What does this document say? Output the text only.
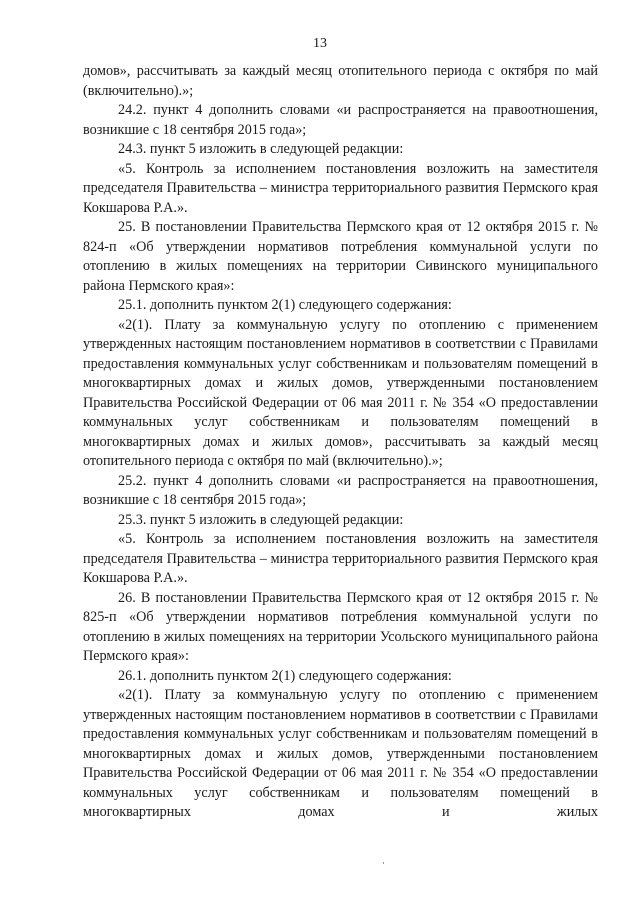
13

домов», рассчитывать за каждый месяц отопительного периода с октября по май (включительно).»;

24.2. пункт 4 дополнить словами «и распространяется на правоотношения, возникшие с 18 сентября 2015 года»;

24.3. пункт 5 изложить в следующей редакции:

«5. Контроль за исполнением постановления возложить на заместителя председателя Правительства – министра территориального развития Пермского края Кокшарова Р.А.».

25. В постановлении Правительства Пермского края от 12 октября 2015 г. № 824-п «Об утверждении нормативов потребления коммунальной услуги по отоплению в жилых помещениях на территории Сивинского муниципального района Пермского края»:

25.1. дополнить пунктом 2(1) следующего содержания:

«2(1). Плату за коммунальную услугу по отоплению с применением утвержденных настоящим постановлением нормативов в соответствии с Правилами предоставления коммунальных услуг собственникам и пользователям помещений в многоквартирных домах и жилых домов, утвержденными постановлением Правительства Российской Федерации от 06 мая 2011 г. № 354 «О предоставлении коммунальных услуг собственникам и пользователям помещений в многоквартирных домах и жилых домов», рассчитывать за каждый месяц отопительного периода с октября по май (включительно).»;

25.2. пункт 4 дополнить словами «и распространяется на правоотношения, возникшие с 18 сентября 2015 года»;

25.3. пункт 5 изложить в следующей редакции:

«5. Контроль за исполнением постановления возложить на заместителя председателя Правительства – министра территориального развития Пермского края Кокшарова Р.А.».

26. В постановлении Правительства Пермского края от 12 октября 2015 г. № 825-п «Об утверждении нормативов потребления коммунальной услуги по отоплению в жилых помещениях на территории Усольского муниципального района Пермского края»:

26.1. дополнить пунктом 2(1) следующего содержания:

«2(1). Плату за коммунальную услугу по отоплению с применением утвержденных настоящим постановлением нормативов в соответствии с Правилами предоставления коммунальных услуг собственникам и пользователям помещений в многоквартирных домах и жилых домов, утвержденными постановлением Правительства Российской Федерации от 06 мая 2011 г. № 354 «О предоставлении коммунальных услуг собственникам и пользователям помещений в многоквартирных домах и жилых
